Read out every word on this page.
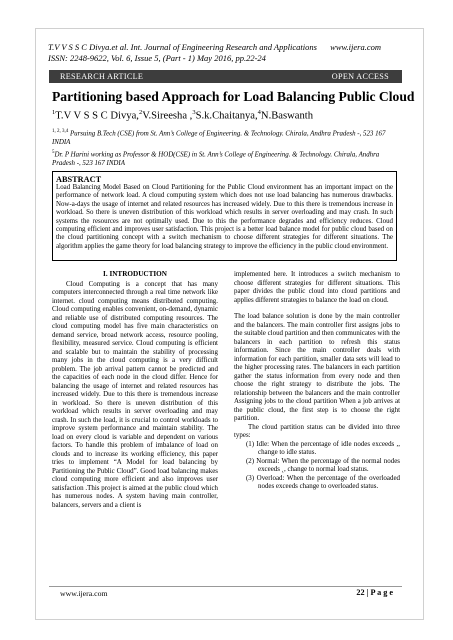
T.V V S S C Divya.et al. Int. Journal of Engineering Research and Applications
ISSN: 2248-9622, Vol. 6, Issue 5, (Part - 1) May 2016, pp.22-24
www.ijera.com
RESEARCH ARTICLE	OPEN ACCESS
Partitioning based Approach for Load Balancing Public Cloud
$^1$T.V V S S C Divya,$^2$V.Sireesha ,$^3$S.k.Chaitanya,$^4$N.Baswanth
$^{1, 2, 3,4}$ Pursuing B.Tech (CSE) from St. Ann’s College of Engineering. & Technology. Chirala, Andhra Pradesh -, 523 167 INDIA
$^5$Dr. P Harini working as Professor & HOD(CSE) in St. Ann’s College of Engineering. & Technology. Chirala, Andhra Pradesh -, 523 167 INDIA
ABSTRACT
Load Balancing Model Based on Cloud Partitioning for the Public Cloud environment has an important impact on the performance of network load. A cloud computing system which does not use load balancing has numerous drawbacks. Now-a-days the usage of internet and related resources has increased widely. Due to this there is tremendous increase in workload. So there is uneven distribution of this workload which results in server overloading and may crash. In such systems the resources are not optimally used. Due to this the performance degrades and efficiency reduces. Cloud computing efficient and improves user satisfaction. This project is a better load balance model for public cloud based on the cloud partitioning concept with a switch mechanism to choose different strategies for different situations. The algorithm applies the game theory for load balancing strategy to improve the efficiency in the public cloud environment.
I. INTRODUCTION

Cloud Computing is a concept that has many computers interconnected through a real time network like internet. cloud computing means distributed computing. Cloud computing enables convenient, on-demand, dynamic and reliable use of distributed computing resources. The cloud computing model has five main characteristics on demand service, broad network access, resource pooling, flexibility, measured service. Cloud computing is efficient and scalable but to maintain the stability of processing many jobs in the cloud computing is a very difficult problem. The job arrival pattern cannot be predicted and the capacities of each node in the cloud differ. Hence for balancing the usage of internet and related resources has increased widely. Due to this there is tremendous increase in workload. So there is uneven distribution of this workload which results in server overloading and may crash. In such the load, it is crucial to control workloads to improve system performance and maintain stability. The load on every cloud is variable and dependent on various factors. To handle this problem of imbalance of load on clouds and to increase its working efficiency, this paper tries to implement “A Model for load balancing by Partitioning the Public Cloud”. Good load balancing makes cloud computing more efficient and also improves user satisfaction .This project is aimed at the public cloud which has numerous nodes. A system having main controller, balancers, servers and a client is

implemented here. It introduces a switch mechanism to choose different strategies for different situations. This paper divides the public cloud into cloud partitions and applies different strategies to balance the load on cloud.

The load balance solution is done by the main controller and the balancers. The main controller first assigns jobs to the suitable cloud partition and then communicates with the balancers in each partition to refresh this status information. Since the main controller deals with information for each partition, smaller data sets will lead to the higher processing rates. The balancers in each partition gather the status information from every node and then choose the right strategy to distribute the jobs. The relationship between the balancers and the main controller Assigning jobs to the cloud partition When a job arrives at the public cloud, the first step is to choose the right partition.

The cloud partition status can be divided into three types:

(1) Idle: When the percentage of idle nodes exceeds ,, change to idle status.

(2) Normal: When the percentage of the normal nodes exceeds ˛, change to normal load status.

(3) Overload: When the percentage of the overloaded nodes exceeds change to overloaded status.

www.ijera.com	22 | P a g e
